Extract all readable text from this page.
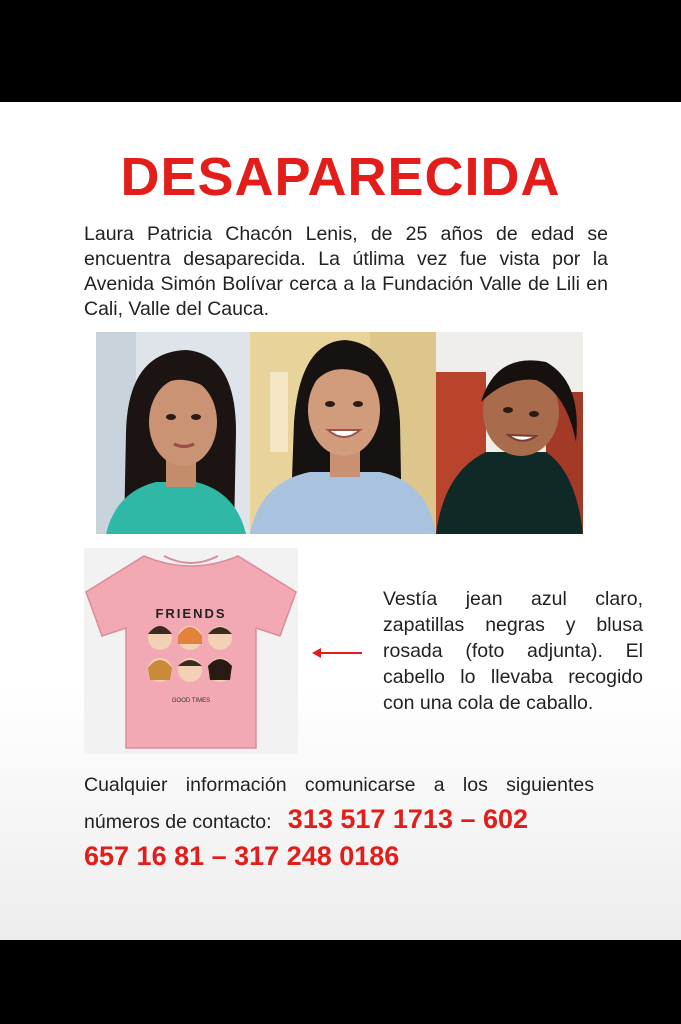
DESAPARECIDA
Laura Patricia Chacón Lenis, de 25 años de edad se encuentra desaparecida. La útlima vez fue vista por la Avenida Simón Bolívar cerca a la Fundación Valle de Lili en Cali, Valle del Cauca.
FRIENDS
GOOD TIMES
Vestía jean azul claro, zapatillas negras y blusa rosada (foto adjunta). El cabello lo llevaba recogido con una cola de caballo.
Cualquier información comunicarse a los siguientes
números de contacto: 313 517 1713 – 602
657 16 81 – 317 248 0186
